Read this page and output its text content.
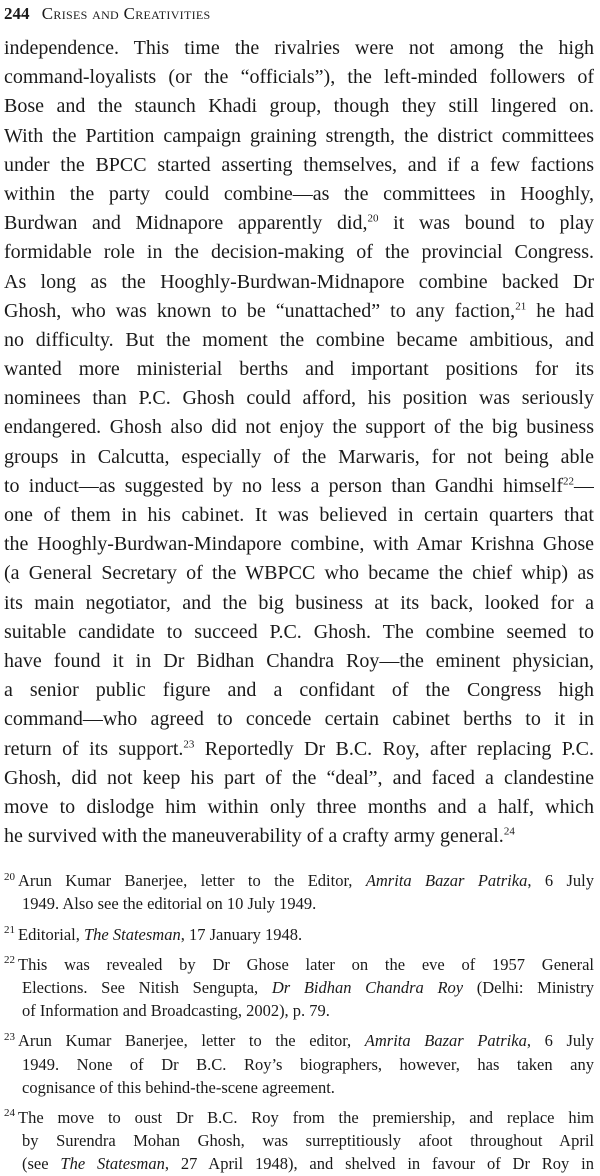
244 Crises and Creativities
independence. This time the rivalries were not among the high
command-loyalists (or the “officials”), the left-minded followers of
Bose and the staunch Khadi group, though they still lingered on.
With the Partition campaign graining strength, the district committees
under the BPCC started asserting themselves, and if a few factions
within the party could combine—as the committees in Hooghly,
Burdwan and Midnapore apparently did,$^{20}$ it was bound to play
formidable role in the decision-making of the provincial Congress.
As long as the Hooghly-Burdwan-Midnapore combine backed Dr
Ghosh, who was known to be “unattached” to any faction,$^{21}$ he had
no difficulty. But the moment the combine became ambitious, and
wanted more ministerial berths and important positions for its
nominees than P.C. Ghosh could afford, his position was seriously
endangered. Ghosh also did not enjoy the support of the big business
groups in Calcutta, especially of the Marwaris, for not being able
to induct—as suggested by no less a person than Gandhi himself$^{22}$—
one of them in his cabinet. It was believed in certain quarters that
the Hooghly-Burdwan-Mindapore combine, with Amar Krishna Ghose
(a General Secretary of the WBPCC who became the chief whip) as
its main negotiator, and the big business at its back, looked for a
suitable candidate to succeed P.C. Ghosh. The combine seemed to
have found it in Dr Bidhan Chandra Roy—the eminent physician,
a senior public figure and a confidant of the Congress high
command—who agreed to concede certain cabinet berths to it in
return of its support.$^{23}$ Reportedly Dr B.C. Roy, after replacing P.C.
Ghosh, did not keep his part of the “deal”, and faced a clandestine
move to dislodge him within only three months and a half, which
he survived with the maneuverability of a crafty army general.$^{24}$
$^{20}$ Arun Kumar Banerjee, letter to the Editor, Amrita Bazar Patrika, 6 July
1949. Also see the editorial on 10 July 1949.
$^{21}$ Editorial, The Statesman, 17 January 1948.
$^{22}$ This was revealed by Dr Ghose later on the eve of 1957 General
Elections. See Nitish Sengupta, Dr Bidhan Chandra Roy (Delhi: Ministry
of Information and Broadcasting, 2002), p. 79.
$^{23}$ Arun Kumar Banerjee, letter to the editor, Amrita Bazar Patrika, 6 July
1949. None of Dr B.C. Roy’s biographers, however, has taken any
cognisance of this behind-the-scene agreement.
$^{24}$ The move to oust Dr B.C. Roy from the premiership, and replace him
by Surendra Mohan Ghosh, was surreptitiously afoot throughout April
(see The Statesman, 27 April 1948), and shelved in favour of Dr Roy in
